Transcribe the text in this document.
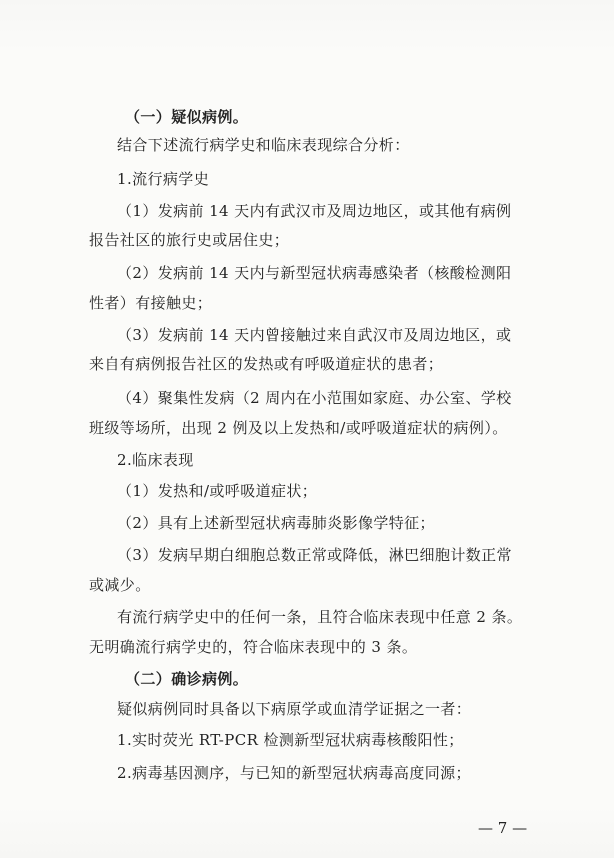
（一）疑似病例。
结合下述流行病学史和临床表现综合分析：
1.流行病学史
（1）发病前 14 天内有武汉市及周边地区，或其他有病例
报告社区的旅行史或居住史；
（2）发病前 14 天内与新型冠状病毒感染者（核酸检测阳
性者）有接触史；
（3）发病前 14 天内曾接触过来自武汉市及周边地区，或
来自有病例报告社区的发热或有呼吸道症状的患者；
（4）聚集性发病（2 周内在小范围如家庭、办公室、学校
班级等场所，出现 2 例及以上发热和/或呼吸道症状的病例）。
2.临床表现
（1）发热和/或呼吸道症状；
（2）具有上述新型冠状病毒肺炎影像学特征；
（3）发病早期白细胞总数正常或降低，淋巴细胞计数正常
或减少。
有流行病学史中的任何一条，且符合临床表现中任意 2 条。
无明确流行病学史的，符合临床表现中的 3 条。
（二）确诊病例。
疑似病例同时具备以下病原学或血清学证据之一者：
1.实时荧光 RT-PCR 检测新型冠状病毒核酸阳性；
2.病毒基因测序，与已知的新型冠状病毒高度同源；
— 7 —
